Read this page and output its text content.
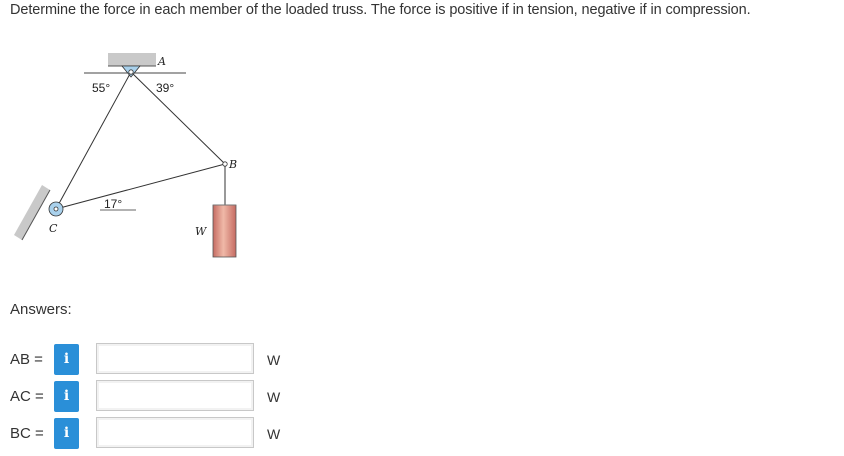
Determine the force in each member of the loaded truss. The force is positive if in tension, negative if in compression.
A
B
C	W
55°	39°
17°
Answers:
AB =	i	W
AC =	i	W
BC =	i	W
